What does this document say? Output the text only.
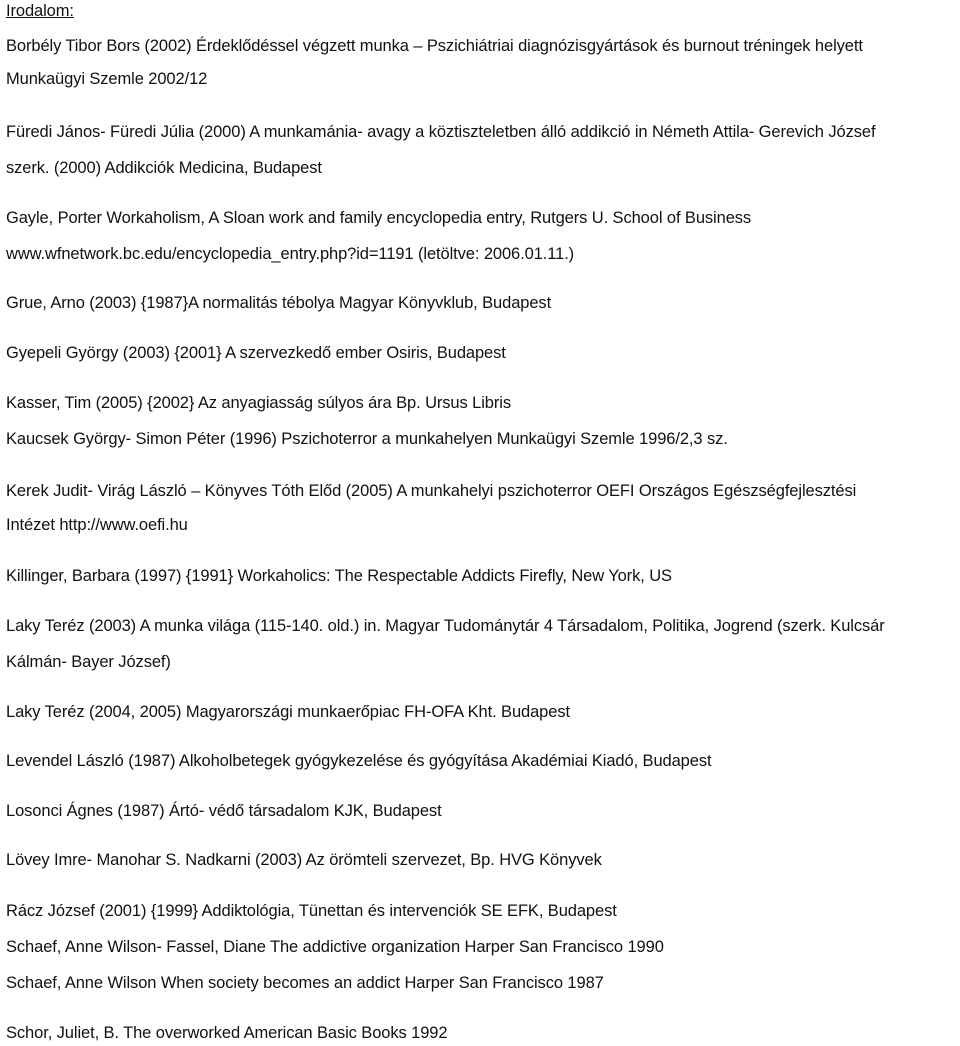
Irodalom:
Borbély Tibor Bors (2002) Érdeklődéssel végzett munka – Pszichiátriai diagnózisgyártások és burnout tréningek helyett
Munkaügyi Szemle 2002/12
Füredi János- Füredi Júlia (2000) A munkamánia- avagy a köztiszteletben álló addikció in Németh Attila- Gerevich József
szerk. (2000) Addikciók Medicina, Budapest
Gayle, Porter Workaholism, A Sloan work and family encyclopedia entry, Rutgers U. School of Business
www.wfnetwork.bc.edu/encyclopedia_entry.php?id=1191 (letöltve: 2006.01.11.)
Grue, Arno (2003) {1987}A normalitás tébolya Magyar Könyvklub, Budapest
Gyepeli György (2003) {2001} A szervezkedő ember Osiris, Budapest
Kasser, Tim (2005) {2002} Az anyagiasság súlyos ára Bp. Ursus Libris
Kaucsek György- Simon Péter (1996) Pszichoterror a munkahelyen Munkaügyi Szemle 1996/2,3 sz.
Kerek Judit- Virág László – Könyves Tóth Előd (2005) A munkahelyi pszichoterror OEFI Országos Egészségfejlesztési
Intézet http://www.oefi.hu
Killinger, Barbara (1997) {1991} Workaholics: The Respectable Addicts Firefly, New York, US
Laky Teréz (2003) A munka világa (115-140. old.) in. Magyar Tudománytár 4 Társadalom, Politika, Jogrend (szerk. Kulcsár
Kálmán- Bayer József)
Laky Teréz (2004, 2005) Magyarországi munkaerőpiac FH-OFA Kht. Budapest
Levendel László (1987) Alkoholbetegek gyógykezelése és gyógyítása Akadémiai Kiadó, Budapest
Losonci Ágnes (1987) Ártó- védő társadalom KJK, Budapest
Lövey Imre- Manohar S. Nadkarni (2003) Az örömteli szervezet, Bp. HVG Könyvek
Rácz József (2001) {1999} Addiktológia, Tünettan és intervenciók SE EFK, Budapest
Schaef, Anne Wilson- Fassel, Diane The addictive organization Harper San Francisco 1990
Schaef, Anne Wilson When society becomes an addict Harper San Francisco 1987
Schor, Juliet, B. The overworked American Basic Books 1992
